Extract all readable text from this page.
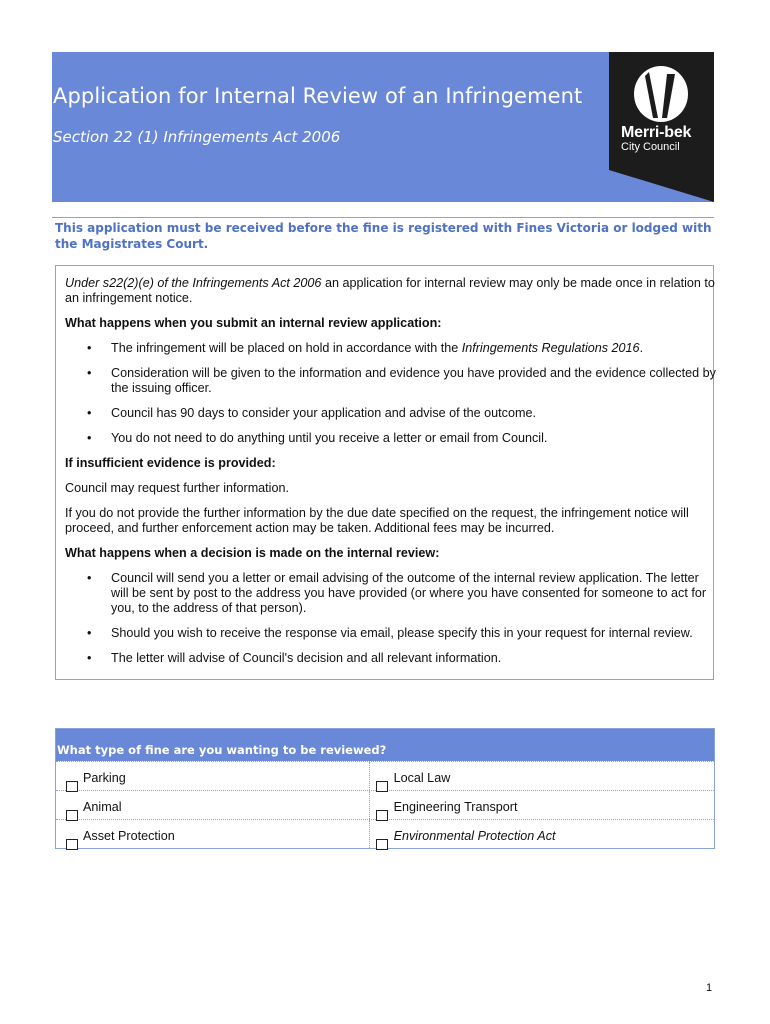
Application for Internal Review of an Infringement
Section 22 (1) Infringements Act 2006	Merri-bek
City Council
This application must be received before the fine is registered with Fines Victoria or lodged with the Magistrates Court.

Under s22(2)(e) of the Infringements Act 2006 an application for internal review may only be made once in relation to an infringement notice.

What happens when you submit an internal review application:

• The infringement will be placed on hold in accordance with the Infringements Regulations 2016.
• Consideration will be given to the information and evidence you have provided and the evidence collected by the issuing officer.
• Council has 90 days to consider your application and advise of the outcome.
• You do not need to do anything until you receive a letter or email from Council.

If insufficient evidence is provided:

Council may request further information.

If you do not provide the further information by the due date specified on the request, the infringement notice will proceed, and further enforcement action may be taken. Additional fees may be incurred.

What happens when a decision is made on the internal review:

• Council will send you a letter or email advising of the outcome of the internal review application. The letter will be sent by post to the address you have provided (or where you have consented for someone to act for you, to the address of that person).
• Should you wish to receive the response via email, please specify this in your request for internal review.
• The letter will advise of Council's decision and all relevant information.
What type of fine are you wanting to be reviewed?
Parking	Local Law
Animal	Engineering Transport
Asset Protection	Environmental Protection Act
1
